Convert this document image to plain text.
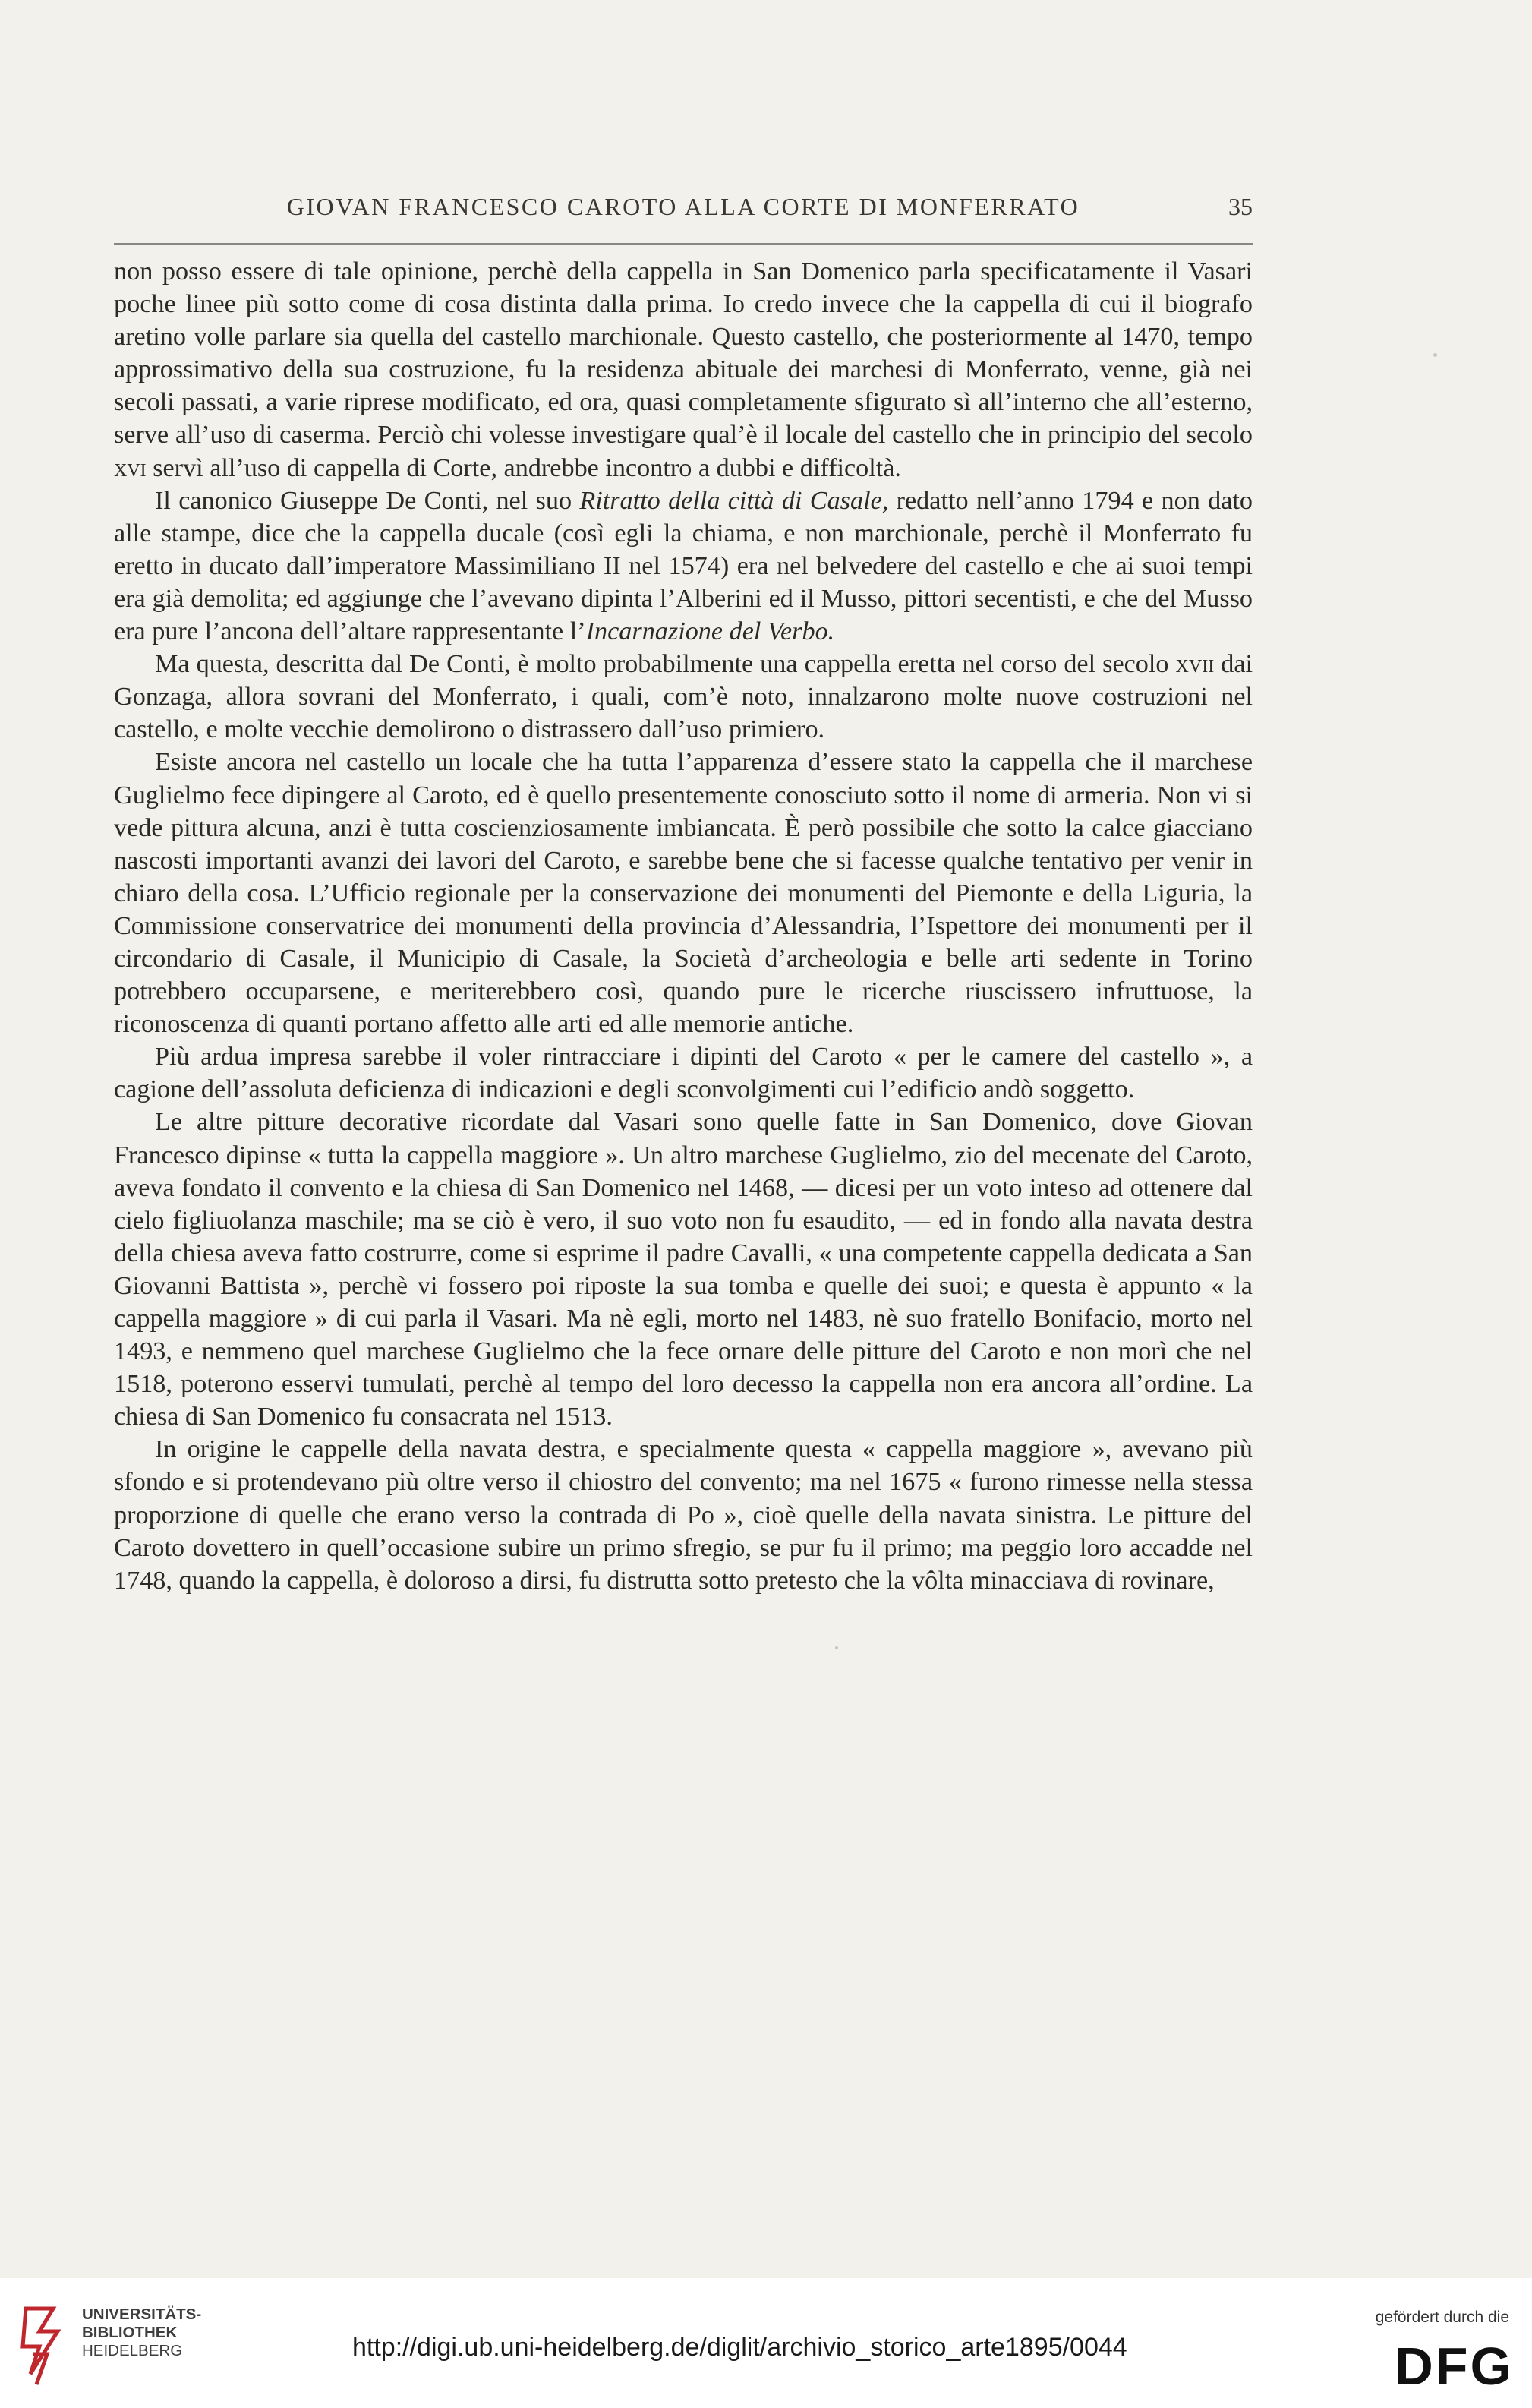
GIOVAN FRANCESCO CAROTO ALLA CORTE DI MONFERRATO	35

non posso essere di tale opinione, perchè della cappella in San Domenico parla specificatamente il Vasari poche linee più sotto come di cosa distinta dalla prima. Io credo invece che la cappella di cui il biografo aretino volle parlare sia quella del castello marchionale. Questo castello, che posteriormente al 1470, tempo approssimativo della sua costruzione, fu la residenza abituale dei marchesi di Monferrato, venne, già nei secoli passati, a varie riprese modificato, ed ora, quasi completamente sfigurato sì all’interno che all’esterno, serve all’uso di caserma. Perciò chi volesse investigare qual’è il locale del castello che in principio del secolo xvi servì all’uso di cappella di Corte, andrebbe incontro a dubbi e difficoltà.

Il canonico Giuseppe De Conti, nel suo Ritratto della città di Casale, redatto nell’anno 1794 e non dato alle stampe, dice che la cappella ducale (così egli la chiama, e non marchionale, perchè il Monferrato fu eretto in ducato dall’imperatore Massimiliano II nel 1574) era nel belvedere del castello e che ai suoi tempi era già demolita; ed aggiunge che l’avevano dipinta l’Alberini ed il Musso, pittori secentisti, e che del Musso era pure l’ancona dell’altare rappresentante l’Incarnazione del Verbo.

Ma questa, descritta dal De Conti, è molto probabilmente una cappella eretta nel corso del secolo xvii dai Gonzaga, allora sovrani del Monferrato, i quali, com’è noto, innalzarono molte nuove costruzioni nel castello, e molte vecchie demolirono o distrassero dall’uso primiero.

Esiste ancora nel castello un locale che ha tutta l’apparenza d’essere stato la cappella che il marchese Guglielmo fece dipingere al Caroto, ed è quello presentemente conosciuto sotto il nome di armeria. Non vi si vede pittura alcuna, anzi è tutta coscienziosamente imbiancata. È però possibile che sotto la calce giacciano nascosti importanti avanzi dei lavori del Caroto, e sarebbe bene che si facesse qualche tentativo per venir in chiaro della cosa. L’Ufficio regionale per la conservazione dei monumenti del Piemonte e della Liguria, la Commissione conservatrice dei monumenti della provincia d’Alessandria, l’Ispettore dei monumenti per il circondario di Casale, il Municipio di Casale, la Società d’archeologia e belle arti sedente in Torino potrebbero occuparsene, e meriterebbero così, quando pure le ricerche riuscissero infruttuose, la riconoscenza di quanti portano affetto alle arti ed alle memorie antiche.

Più ardua impresa sarebbe il voler rintracciare i dipinti del Caroto « per le camere del castello », a cagione dell’assoluta deficienza di indicazioni e degli sconvolgimenti cui l’edificio andò soggetto.

Le altre pitture decorative ricordate dal Vasari sono quelle fatte in San Domenico, dove Giovan Francesco dipinse « tutta la cappella maggiore ». Un altro marchese Guglielmo, zio del mecenate del Caroto, aveva fondato il convento e la chiesa di San Domenico nel 1468, — dicesi per un voto inteso ad ottenere dal cielo figliuolanza maschile; ma se ciò è vero, il suo voto non fu esaudito, — ed in fondo alla navata destra della chiesa aveva fatto costrurre, come si esprime il padre Cavalli, « una competente cappella dedicata a San Giovanni Battista », perchè vi fossero poi riposte la sua tomba e quelle dei suoi; e questa è appunto « la cappella maggiore » di cui parla il Vasari. Ma nè egli, morto nel 1483, nè suo fratello Bonifacio, morto nel 1493, e nemmeno quel marchese Guglielmo che la fece ornare delle pitture del Caroto e non morì che nel 1518, poterono esservi tumulati, perchè al tempo del loro decesso la cappella non era ancora all’ordine. La chiesa di San Domenico fu consacrata nel 1513.

In origine le cappelle della navata destra, e specialmente questa « cappella maggiore », avevano più sfondo e si protendevano più oltre verso il chiostro del convento; ma nel 1675 « furono rimesse nella stessa proporzione di quelle che erano verso la contrada di Po », cioè quelle della navata sinistra. Le pitture del Caroto dovettero in quell’occasione subire un primo sfregio, se pur fu il primo; ma peggio loro accadde nel 1748, quando la cappella, è doloroso a dirsi, fu distrutta sotto pretesto che la vôlta minacciava di rovinare,

UNIVERSITÄTS-
BIBLIOTHEK
HEIDELBERG	http://digi.ub.uni-heidelberg.de/diglit/archivio_storico_arte1895/0044
gefördert durch die
DFG
